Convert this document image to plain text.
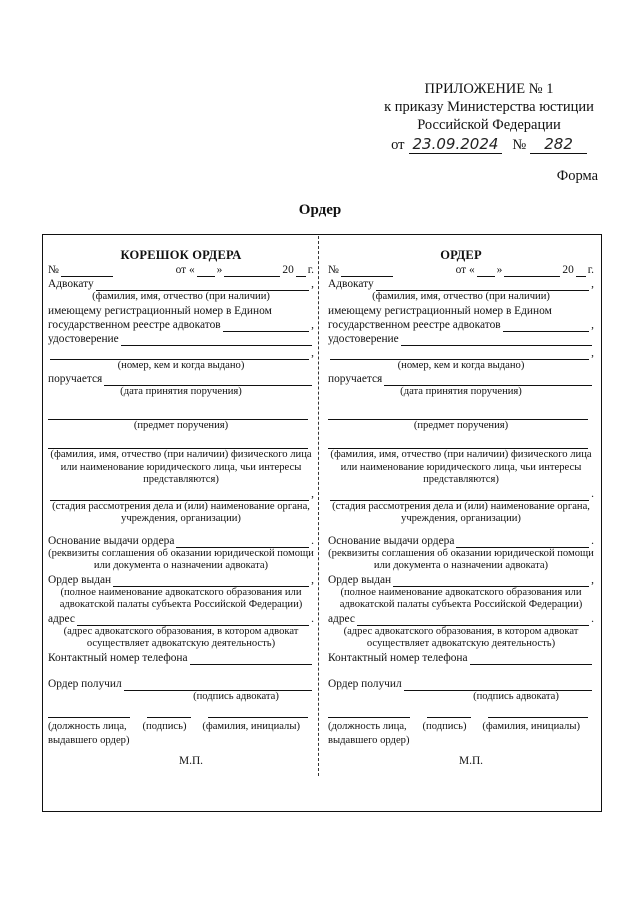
ПРИЛОЖЕНИЕ № 1
к приказу Министерства юстиции
Российской Федерации
от 23.09.2024 №	282
Форма
Ордер
КОРЕШОК ОРДЕРА
№	от « »	20 г.
Адвокату	,
(фамилия, имя, отчество (при наличии)
имеющему регистрационный номер в Едином
государственном реестре адвокатов	,
удостоверение
,
(номер, кем и когда выдано)
поручается
(дата принятия поручения)
(предмет поручения)
(фамилия, имя, отчество (при наличии) физического лица или наименование юридического лица, чьи интересы представляются)
,
(стадия рассмотрения дела и (или) наименование органа, учреждения, организации)
Основание выдачи ордера	.
(реквизиты соглашения об оказании юридической помощи или документа о назначении адвоката)
Ордер выдан	,
(полное наименование адвокатского образования или адвокатской палаты субъекта Российской Федерации)
адрес	.
(адрес адвокатского образования, в котором адвокат осуществляет адвокатскую деятельность)
Контактный номер телефона
Ордер получил
(подпись адвоката)
(должность лица, (подпись) (фамилия, инициалы)
выдавшего ордер)
М.П.
ОРДЕР
№	от « »	20 г.
Адвокату	,
(фамилия, имя, отчество (при наличии)
имеющему регистрационный номер в Едином
государственном реестре адвокатов	,
удостоверение
,
(номер, кем и когда выдано)
поручается
(дата принятия поручения)
(предмет поручения)
(фамилия, имя, отчество (при наличии) физического лица или наименование юридического лица, чьи интересы представляются)
.
(стадия рассмотрения дела и (или) наименование органа, учреждения, организации)
Основание выдачи ордера	.
(реквизиты соглашения об оказании юридической помощи или документа о назначении адвоката)
Ордер выдан	,
(полное наименование адвокатского образования или адвокатской палаты субъекта Российской Федерации)
адрес	.
(адрес адвокатского образования, в котором адвокат осуществляет адвокатскую деятельность)
Контактный номер телефона
Ордер получил
(подпись адвоката)
(должность лица, (подпись) (фамилия, инициалы)
выдавшего ордер)
М.П.
